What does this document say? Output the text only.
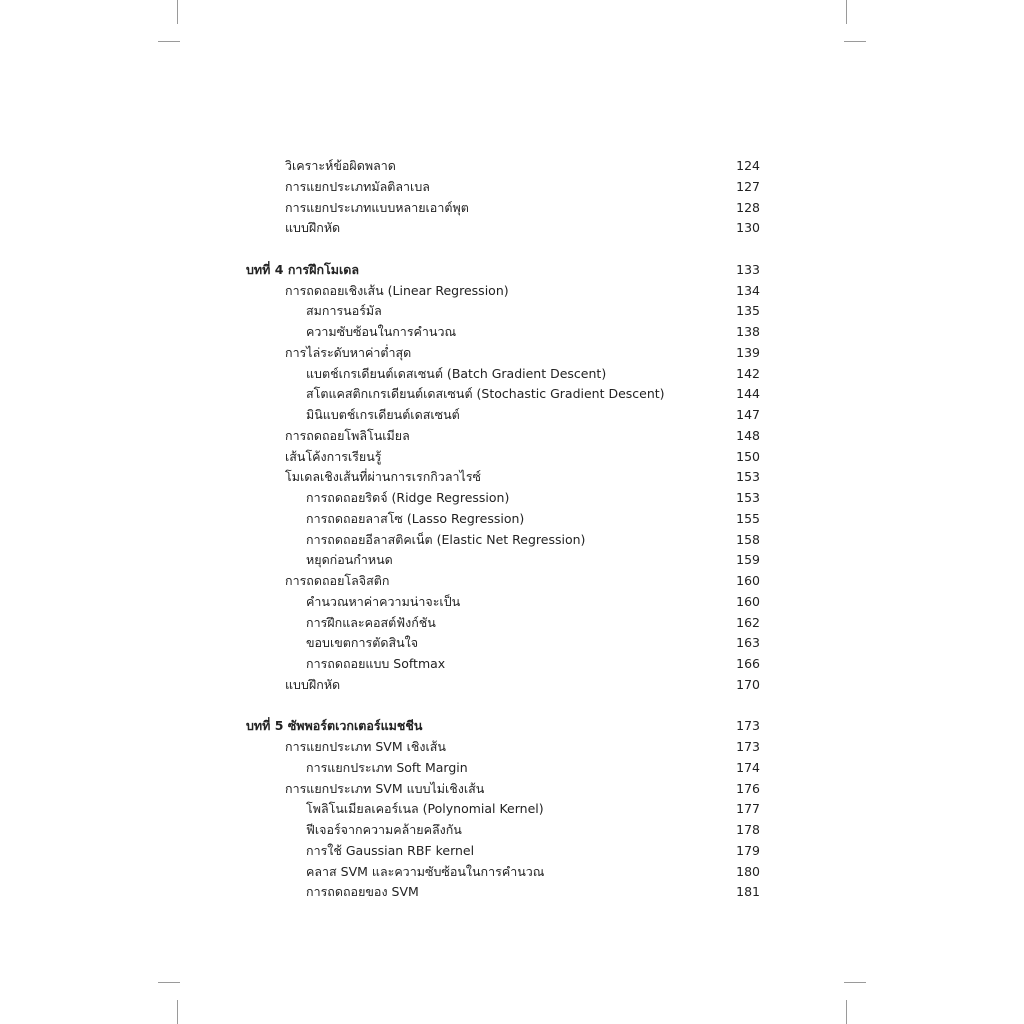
วิเคราะห์ข้อผิดพลาด	124
การแยกประเภทมัลติลาเบล	127
การแยกประเภทแบบหลายเอาต์พุต	128
แบบฝึกหัด	130
บทที่ 4 การฝึกโมเดล	133
การถดถอยเชิงเส้น (Linear Regression)	134
สมการนอร์มัล	135
ความซับซ้อนในการคำนวณ	138
การไล่ระดับหาค่าต่ำสุด	139
แบตช์เกรเดียนต์เดสเซนต์ (Batch Gradient Descent)	142
สโตแคสติกเกรเดียนต์เดสเซนต์ (Stochastic Gradient Descent)	144
มินิแบตช์เกรเดียนต์เดสเซนต์	147
การถดถอยโพลิโนเมียล	148
เส้นโค้งการเรียนรู้	150
โมเดลเชิงเส้นที่ผ่านการเรกกิวลาไรซ์	153
การถดถอยริดจ์ (Ridge Regression)	153
การถดถอยลาสโซ (Lasso Regression)	155
การถดถอยอีลาสติคเน็ต (Elastic Net Regression)	158
หยุดก่อนกำหนด	159
การถดถอยโลจิสติก	160
คำนวณหาค่าความน่าจะเป็น	160
การฝึกและคอสต์ฟังก์ชัน	162
ขอบเขตการตัดสินใจ	163
การถดถอยแบบ Softmax	166
แบบฝึกหัด	170
บทที่ 5 ซัพพอร์ตเวกเตอร์แมชชีน	173
การแยกประเภท SVM เชิงเส้น	173
การแยกประเภท Soft Margin	174
การแยกประเภท SVM แบบไม่เชิงเส้น	176
โพลิโนเมียลเคอร์เนล (Polynomial Kernel)	177
ฟีเจอร์จากความคล้ายคลึงกัน	178
การใช้ Gaussian RBF kernel	179
คลาส SVM และความซับซ้อนในการคำนวณ	180
การถดถอยของ SVM	181
